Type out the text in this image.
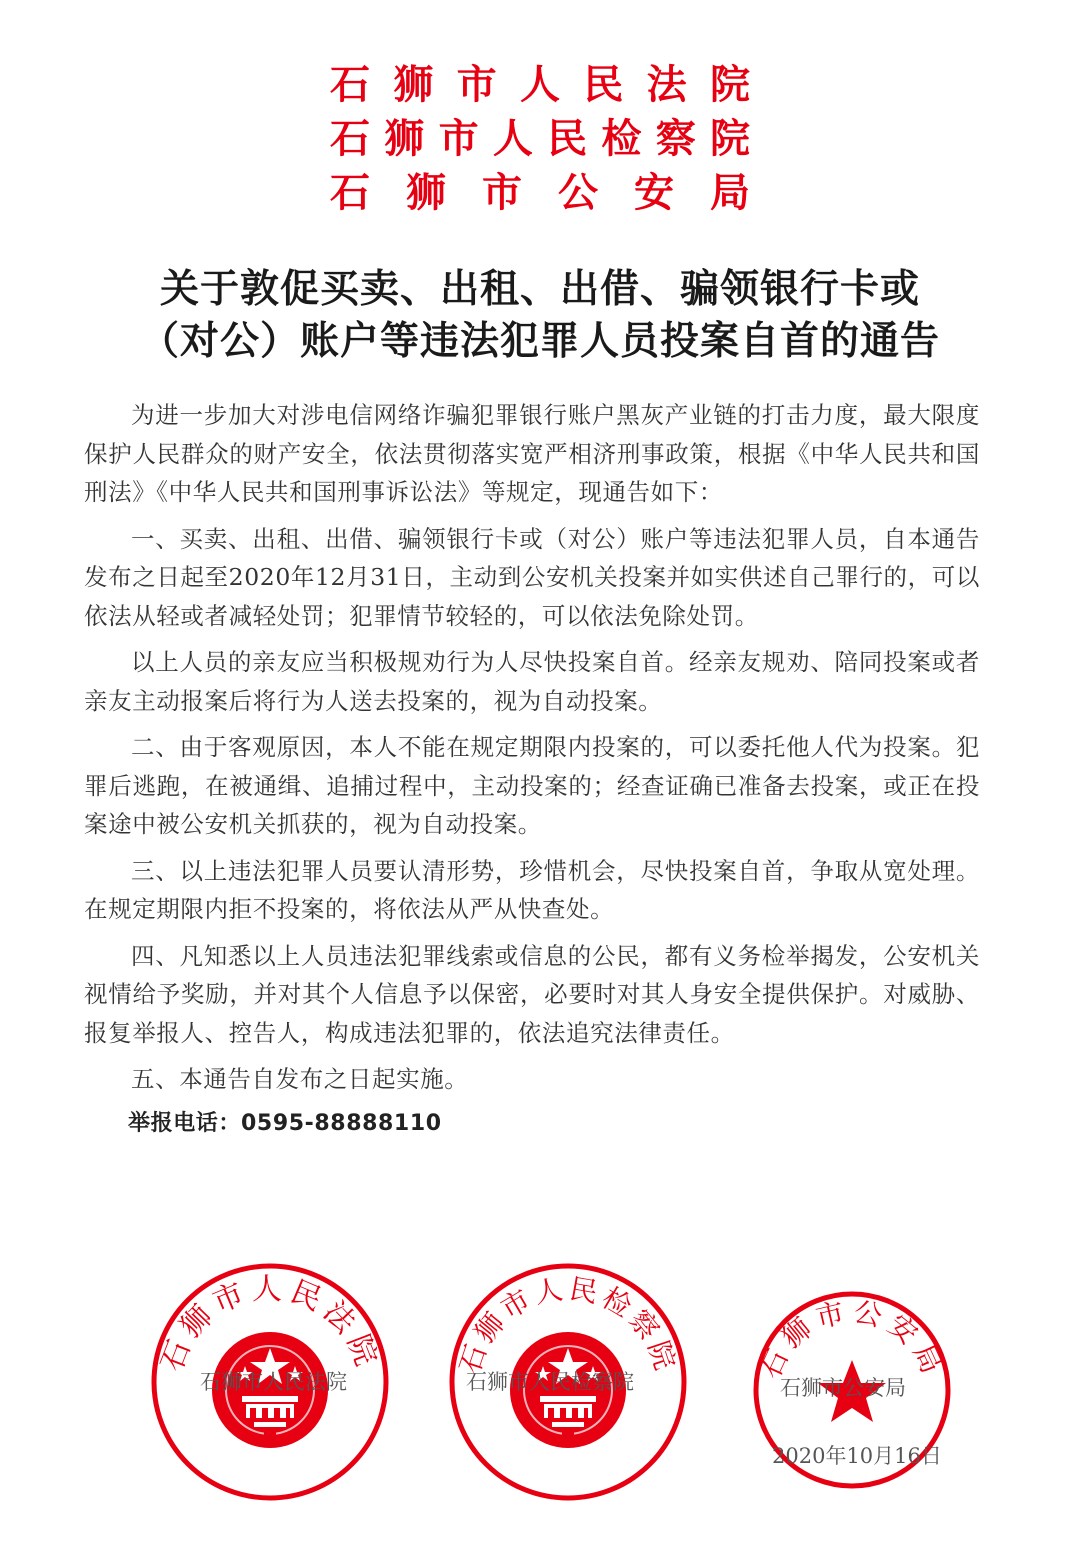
石狮市人民法院
石狮市人民检察院
石狮市公安局
关于敦促买卖、出租、出借、骗领银行卡或
（对公）账户等违法犯罪人员投案自首的通告

为进一步加大对涉电信网络诈骗犯罪银行账户黑灰产业链的打击力度，最大限度保护人民群众的财产安全，依法贯彻落实宽严相济刑事政策，根据《中华人民共和国刑法》《中华人民共和国刑事诉讼法》等规定，现通告如下：

一、买卖、出租、出借、骗领银行卡或（对公）账户等违法犯罪人员，自本通告发布之日起至2020年12月31日，主动到公安机关投案并如实供述自己罪行的，可以依法从轻或者减轻处罚；犯罪情节较轻的，可以依法免除处罚。

以上人员的亲友应当积极规劝行为人尽快投案自首。经亲友规劝、陪同投案或者亲友主动报案后将行为人送去投案的，视为自动投案。

二、由于客观原因，本人不能在规定期限内投案的，可以委托他人代为投案。犯罪后逃跑，在被通缉、追捕过程中，主动投案的；经查证确已准备去投案，或正在投案途中被公安机关抓获的，视为自动投案。

三、以上违法犯罪人员要认清形势，珍惜机会，尽快投案自首，争取从宽处理。在规定期限内拒不投案的，将依法从严从快查处。

四、凡知悉以上人员违法犯罪线索或信息的公民，都有义务检举揭发，公安机关视情给予奖励，并对其个人信息予以保密，必要时对其人身安全提供保护。对威胁、报复举报人、控告人，构成违法犯罪的，依法追究法律责任。

五、本通告自发布之日起实施。

举报电话：0595-88888110

石狮市人民法院
石狮市人民法院
石狮市人民检察院
石狮市人民检察院	石狮市公安局
石狮市公安局
2020年10月16日
